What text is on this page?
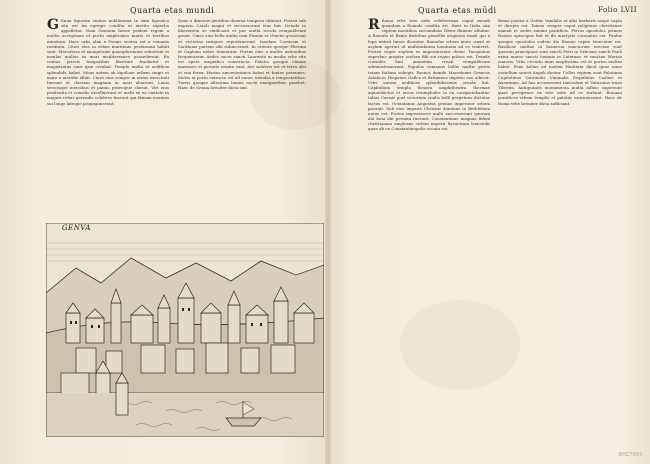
Quarta etas mundi
G Enua ligurum ciuitas nobilissima in sinu ligustico sita est ita egregie condita ut merito superba appelletur. Nam Genuam fuisse pridem regem a multis accepimus et portu amplissimo muris et turribus munitam. Haec urbs olim a Poenis euersa est a romanis restituta. Ciues eius in rebus maritimis peritissimi habiti sunt. Mercatura et nauigatione quamplurimum valuerunt et insulas multas in mari mediterraneo possederunt. Ea ciuitas priscis temporibus libertate fruebatur et magistratus suos ipsa creabat. Templa multa et aedificia splendida habet. Mons autem ab aquilone urbem cingit et mare a meridie alluit. Ciues eius semper in armis exercitati fuerunt et classem magnam in mari aluerunt. Lanis sericisque mercibus et panno praecipue claruit. Viri eius prudentia et consilio excelluerunt et multi ex ea ciuitate in magnis rebus gerendis celebres fuerunt qui famam nominis sui longe lateque propagauerunt.
Quae a diuersis gentibus diuersa tempora obtinuit. Postea sub imperio Caroli magni et successorum eius fuit. Deinde in libertatem se vindicauit et per multa secula rempublicam gessit. Ciues eius bella multa cum Pisanis et Venetis gesserunt et victorias insignes reportauerunt. Insulam Corsicam et Sardiniae partem sibi subiecerunt. In oriente quoque Pheram et Capham urbes tenuerunt. Portus eius a multis nationibus frequentatur. Aedes sacra sancti Laurentii in media vrbe sita est opere magnifico constructa. Palatia quoque ciuium marmore et picturis ornata sunt. Aer salubris est et terra olei et vini ferax. Hortos amoenissimos habet et fontes perennes. Moles in portu extructa est ad naues tuendas a tempestatibus. Turris quoque altissima lumen nocte nauigantibus praebet. Haec de Genua breuiter dicta sint.
GENVA
Quarta etas mūdi	Folio LVII
R Roma vrbs toto orbe celeberrima caput mundi quondam a Romulo condita est. Haec in Italia sita septem montibus circumdata Tiberi flumine alluitur. A Romulo et Remo fratribus gemellis originem traxit qui a lupa nutriti fuisse dicuntur. Romulus vrbem muro cinxit et asylum aperuit ut multitudinem hominum ad se traheret. Postea reges septem ei imperauerunt donec Tarquinius superbus propter scelera filii sui regno pulsus est. Deinde consules bini annuatim creati rempublicam administrauerunt. Populus romanus bellis multis gestis totam Italiam subegit. Poenos deinde Macedones Graecos Asiaticos Hispanos Gallos et Britannos imperio suo adiecit. Vrbs autem aedificiis splendidissimis ornata fuit. Capitolium templa theatra amphitheatra thermae aquaeductus et arcus triumphales in ea conspiciebantur. Iulius Caesar post victoriam ciuilis belli perpetuus dictator factus est. Octauianus Augustus primus imperator orbem pacauit. Sub eius imperio Christus dominus in Bethlehem natus est. Postea imperatores multi successerunt quorum alii boni alii pessimi fuerunt. Constantinus magnus fidem christianam amplexus sedem imperii Byzantium transtulit quae ab eo Constantinopolis vocata est.
Roma postea a Gothis Vandalis et aliis barbaris saepe capta et direpta est. Tamen semper caput religionis christianae mansit et sedes summi pontificis. Petrus apostolus primus Romae episcopus fuit et ibi martyrio coronatus est. Paulus quoque apostolus eodem die Romae capite truncatus est. Basilicae multae in honorem sanctorum erectae sunt quarum praecipuae sunt sancti Petri in Vaticano sancti Pauli extra muros sancti Ioannis in Laterano et sanctae Mariae maioris. Vrbs circuitu muri amplissima est et portas multas habet. Pons Aelius ad molem Hadriani ducit quae nunc castellum sancti Angeli dicitur. Colles septem sunt Palatinus Capitolinus Quirinalis Viminalis Esquilinus Caelius et Auentinus. Ad hos accesserunt Ianiculum et Vaticanus trans Tiberim. Antiquitatis monumenta multa adhuc supersunt quae peregrinos ex toto orbe ad se trahunt. Romani pontifices vrbem templis et palatiis exornauerunt. Haec de Roma vrbe breuiter dicta sufficiant.
BHZ7993
